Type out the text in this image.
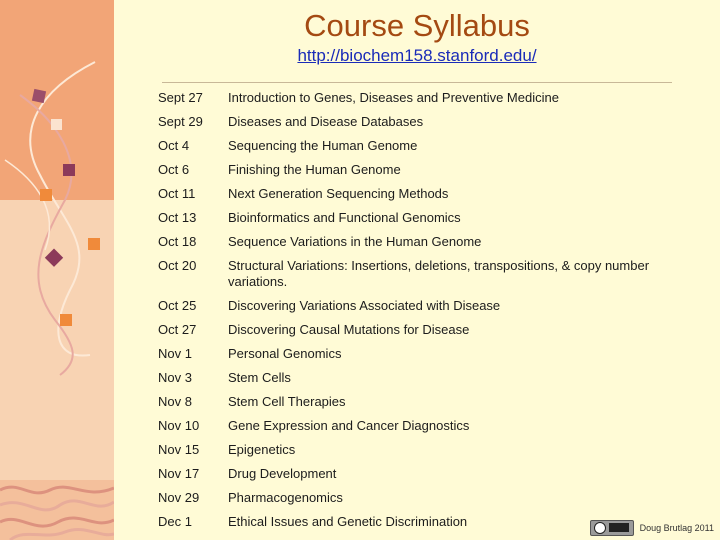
Course Syllabus
http://biochem158.stanford.edu/
Sept 27	Introduction to Genes, Diseases and Preventive Medicine
Sept 29	Diseases and Disease Databases
Oct 4	Sequencing the Human Genome
Oct 6	Finishing the Human Genome
Oct 11	Next Generation Sequencing Methods
Oct 13	Bioinformatics and Functional Genomics
Oct 18	Sequence Variations in the Human Genome
Oct 20	Structural Variations: Insertions, deletions, transpositions, & copy number variations.
Oct 25	Discovering Variations Associated with Disease
Oct 27	Discovering Causal Mutations for Disease
Nov 1	Personal Genomics
Nov 3	Stem Cells
Nov 8	Stem Cell Therapies
Nov 10	Gene Expression and Cancer Diagnostics
Nov 15	Epigenetics
Nov 17	Drug Development
Nov 29	Pharmacogenomics
Dec 1	Ethical Issues and Genetic Discrimination	Doug Brutlag 2011
